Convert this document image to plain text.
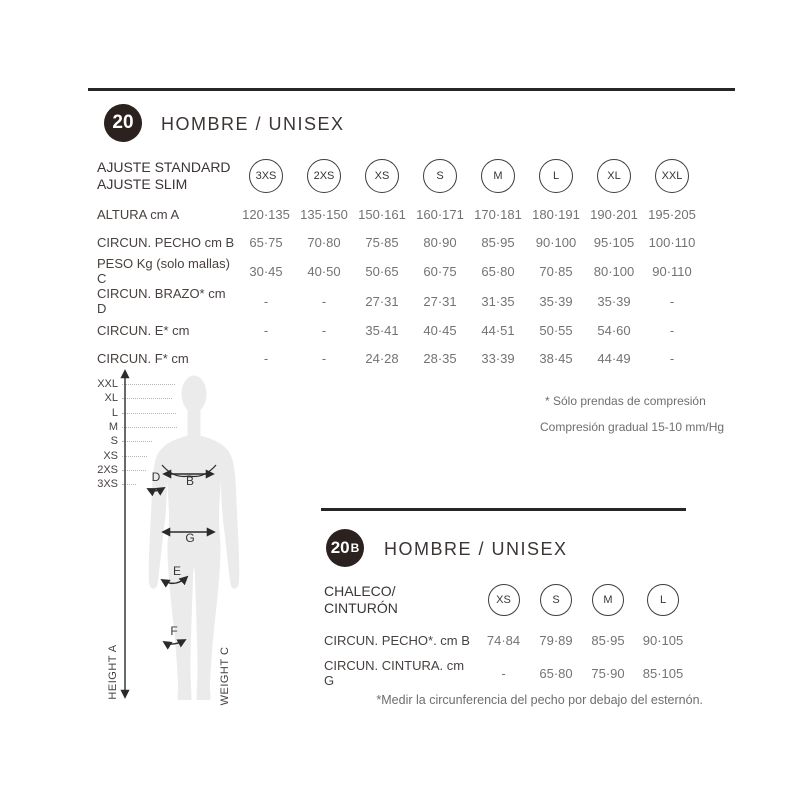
20 HOMBRE / UNISEX
AJUSTE STANDARD
AJUSTE SLIM	3XS	2XS	XS	S	M	L	XL	XXL
ALTURA cm A	120·135	135·150	150·161	160·171	170·181	180·191	190·201	195·205
CIRCUN. PECHO cm B	65·75	70·80	75·85	80·90	85·95	90·100	95·105	100·110
PESO Kg (solo mallas) C	30·45	40·50	50·65	60·75	65·80	70·85	80·100	90·110
CIRCUN. BRAZO* cm D	-	-	27·31	27·31	31·35	35·39	35·39	-
CIRCUN. E* cm	-	-	35·41	40·45	44·51	50·55	54·60	-
CIRCUN. F* cm	-	-	24·28	28·35	33·39	38·45	44·49	-
* Sólo prendas de compresión
Compresión gradual 15-10 mm/Hg
XXL
XL
L
M
S
XS
2XS
3XS	D B
G
E
F
HEIGHT A	WEIGHT C
20 B HOMBRE / UNISEX
CHALECO/
CINTURÓN	XS	S	M	L
CIRCUN. PECHO*. cm B	74·84	79·89	85·95	90·105
CIRCUN. CINTURA. cm G	-	65·80	75·90	85·105
*Medir la circunferencia del pecho por debajo del esternón.
